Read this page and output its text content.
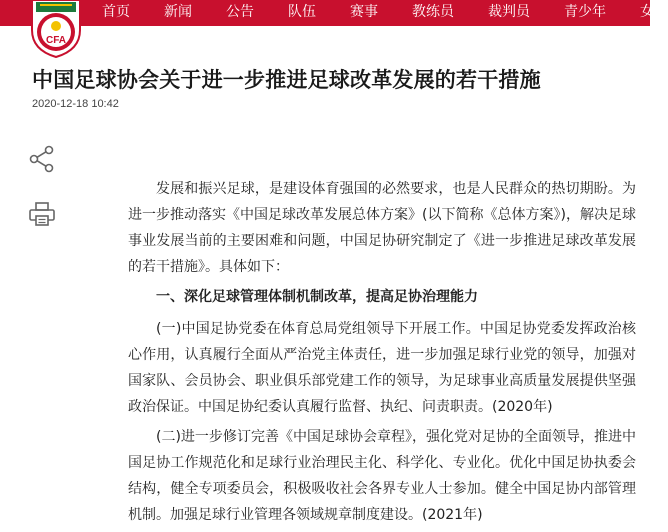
首页 新闻 公告 队伍 赛事 教练员 裁判员 青少年 女足
CFA
中国足球协会关于进一步推进足球改革发展的若干措施
2020-12-18 10:42

发展和振兴足球，是建设体育强国的必然要求，也是人民群众的热切期盼。为进一步推动落实《中国足球改革发展总体方案》(以下简称《总体方案》)，解决足球事业发展当前的主要困难和问题，中国足协研究制定了《进一步推进足球改革发展的若干措施》。具体如下：

一、深化足球管理体制机制改革，提高足协治理能力

(一)中国足协党委在体育总局党组领导下开展工作。中国足协党委发挥政治核心作用，认真履行全面从严治党主体责任，进一步加强足球行业党的领导，加强对国家队、会员协会、职业俱乐部党建工作的领导，为足球事业高质量发展提供坚强政治保证。中国足协纪委认真履行监督、执纪、问责职责。(2020年)

(二)进一步修订完善《中国足球协会章程》，强化党对足协的全面领导，推进中国足协工作规范化和足球行业治理民主化、科学化、专业化。优化中国足协执委会结构，健全专项委员会，积极吸收社会各界专业人士参加。健全中国足协内部管理机制。加强足球行业管理各领域规章制度建设。(2021年)
